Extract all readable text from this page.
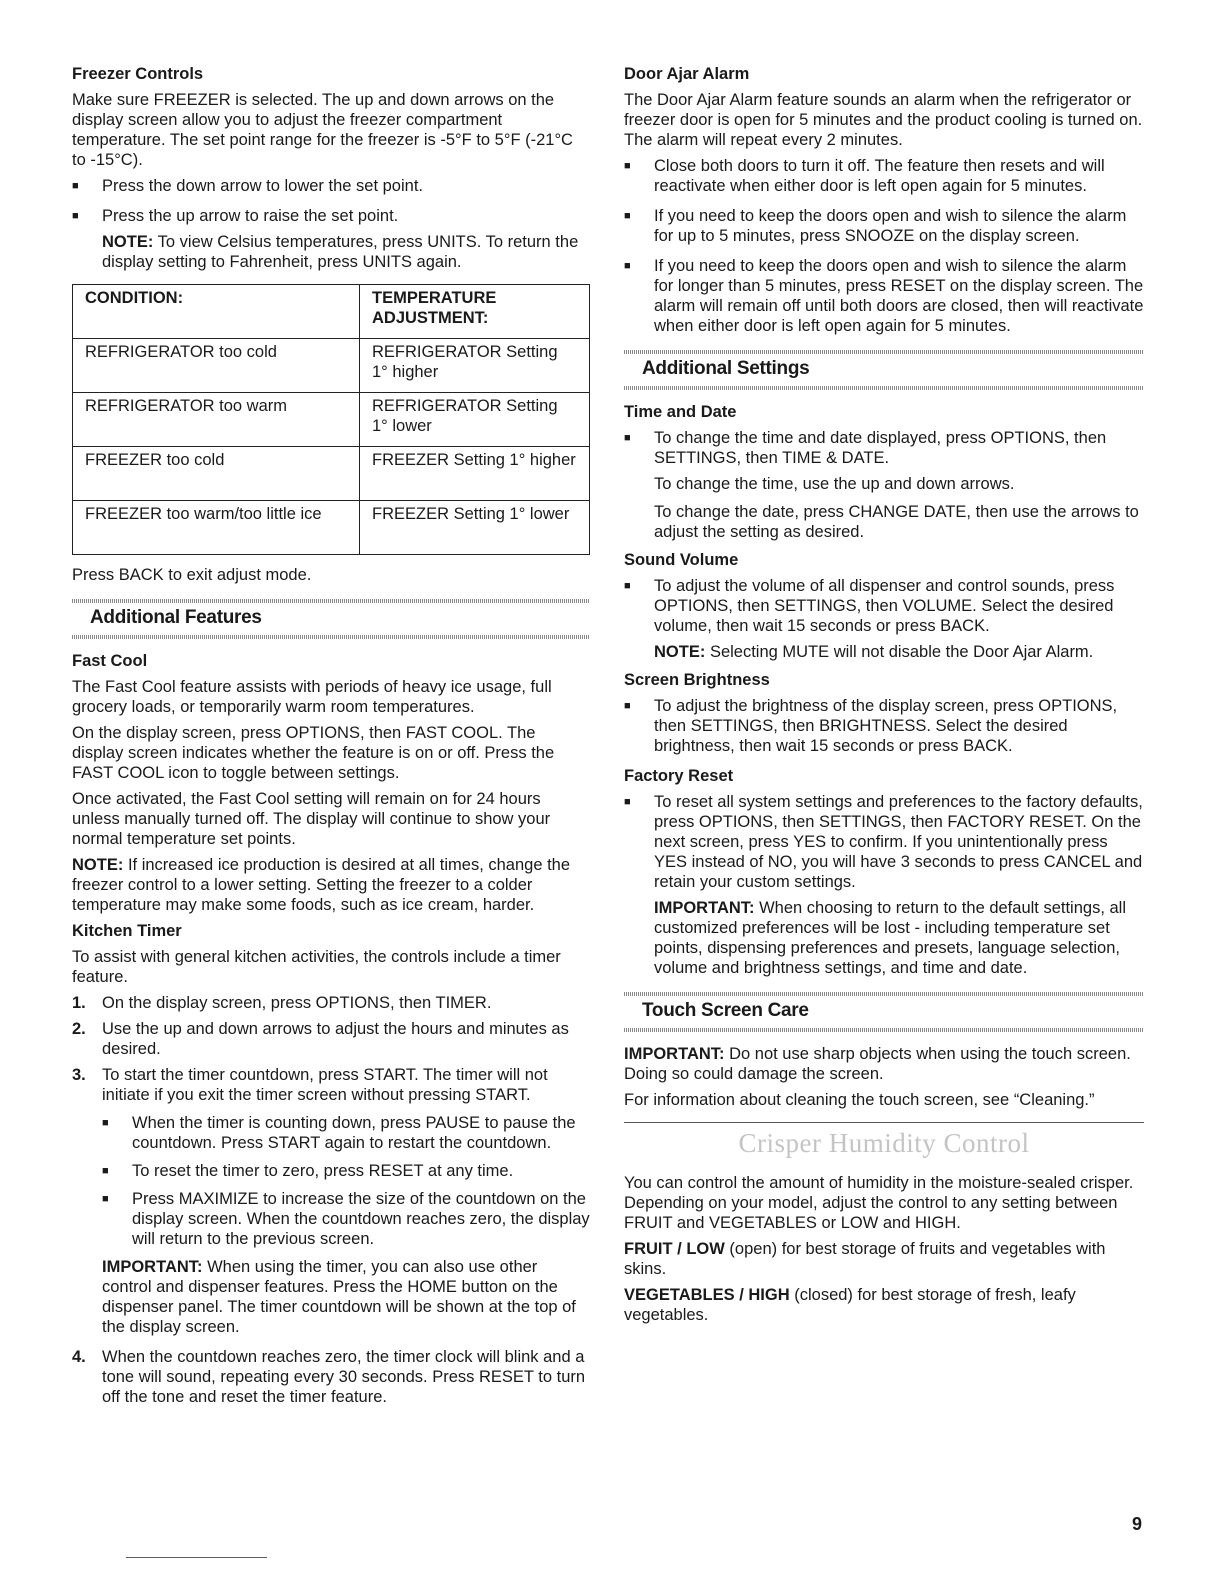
Freezer Controls

Make sure FREEZER is selected. The up and down arrows on the display screen allow you to adjust the freezer compartment temperature. The set point range for the freezer is -5°F to 5°F (-21°C to -15°C).

■ Press the down arrow to lower the set point.
■ Press the up arrow to raise the set point.
NOTE: To view Celsius temperatures, press UNITS. To return the display setting to Fahrenheit, press UNITS again.
CONDITION:	TEMPERATURE ADJUSTMENT:
REFRIGERATOR too cold	REFRIGERATOR Setting 1° higher
REFRIGERATOR too warm	REFRIGERATOR Setting 1° lower
FREEZER too cold	FREEZER Setting 1° higher
FREEZER too warm/too little ice	FREEZER Setting 1° lower

Press BACK to exit adjust mode.

Additional Features
Fast Cool

The Fast Cool feature assists with periods of heavy ice usage, full grocery loads, or temporarily warm room temperatures.

On the display screen, press OPTIONS, then FAST COOL. The display screen indicates whether the feature is on or off. Press the FAST COOL icon to toggle between settings.

Once activated, the Fast Cool setting will remain on for 24 hours unless manually turned off. The display will continue to show your normal temperature set points.

NOTE: If increased ice production is desired at all times, change the freezer control to a lower setting. Setting the freezer to a colder temperature may make some foods, such as ice cream, harder.

Kitchen Timer

To assist with general kitchen activities, the controls include a timer feature.

1. On the display screen, press OPTIONS, then TIMER.
2. Use the up and down arrows to adjust the hours and minutes as desired.
3. To start the timer countdown, press START. The timer will not initiate if you exit the timer screen without pressing START.
■ When the timer is counting down, press PAUSE to pause the countdown. Press START again to restart the countdown.
■ To reset the timer to zero, press RESET at any time.
■ Press MAXIMIZE to increase the size of the countdown on the display screen. When the countdown reaches zero, the display will return to the previous screen.
IMPORTANT: When using the timer, you can also use other control and dispenser features. Press the HOME button on the dispenser panel. The timer countdown will be shown at the top of the display screen.
4. When the countdown reaches zero, the timer clock will blink and a tone will sound, repeating every 30 seconds. Press RESET to turn off the tone and reset the timer feature.
Door Ajar Alarm

The Door Ajar Alarm feature sounds an alarm when the refrigerator or freezer door is open for 5 minutes and the product cooling is turned on. The alarm will repeat every 2 minutes.

■ Close both doors to turn it off. The feature then resets and will reactivate when either door is left open again for 5 minutes.
■ If you need to keep the doors open and wish to silence the alarm for up to 5 minutes, press SNOOZE on the display screen.
■ If you need to keep the doors open and wish to silence the alarm for longer than 5 minutes, press RESET on the display screen. The alarm will remain off until both doors are closed, then will reactivate when either door is left open again for 5 minutes.
Additional Settings
Time and Date
■ To change the time and date displayed, press OPTIONS, then SETTINGS, then TIME & DATE.
To change the time, use the up and down arrows.
To change the date, press CHANGE DATE, then use the arrows to adjust the setting as desired.
Sound Volume
■ To adjust the volume of all dispenser and control sounds, press OPTIONS, then SETTINGS, then VOLUME. Select the desired volume, then wait 15 seconds or press BACK.
NOTE: Selecting MUTE will not disable the Door Ajar Alarm.
Screen Brightness
■ To adjust the brightness of the display screen, press OPTIONS, then SETTINGS, then BRIGHTNESS. Select the desired brightness, then wait 15 seconds or press BACK.
Factory Reset
■ To reset all system settings and preferences to the factory defaults, press OPTIONS, then SETTINGS, then FACTORY RESET. On the next screen, press YES to confirm. If you unintentionally press YES instead of NO, you will have 3 seconds to press CANCEL and retain your custom settings.
IMPORTANT: When choosing to return to the default settings, all customized preferences will be lost - including temperature set points, dispensing preferences and presets, language selection, volume and brightness settings, and time and date.
Touch Screen Care

IMPORTANT: Do not use sharp objects when using the touch screen. Doing so could damage the screen.

For information about cleaning the touch screen, see “Cleaning.”

Crisper Humidity Control

You can control the amount of humidity in the moisture-sealed crisper. Depending on your model, adjust the control to any setting between FRUIT and VEGETABLES or LOW and HIGH.

FRUIT / LOW (open) for best storage of fruits and vegetables with skins.

VEGETABLES / HIGH (closed) for best storage of fresh, leafy vegetables.

9
